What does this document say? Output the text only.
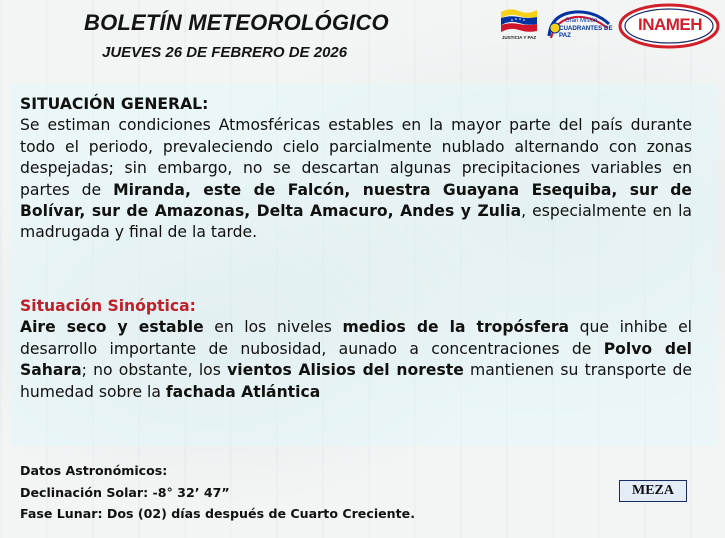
BOLETÍN METEOROLÓGICO
JUEVES 26 DE FEBRERO DE 2026
JUSTICIA Y PAZ
Gran Misión
CUADRANTES DE PAZ
INAMEH
SITUACIÓN GENERAL:
Se estiman condiciones Atmosféricas estables en la mayor parte del país durante todo el periodo, prevaleciendo cielo parcialmente nublado alternando con zonas despejadas; sin embargo, no se descartan algunas precipitaciones variables en partes de Miranda, este de Falcón, nuestra Guayana Esequiba, sur de Bolívar, sur de Amazonas, Delta Amacuro, Andes y Zulia, especialmente en la madrugada y final de la tarde.
Situación Sinóptica:
Aire seco y estable en los niveles medios de la tropósfera que inhibe el desarrollo importante de nubosidad, aunado a concentraciones de Polvo del Sahara; no obstante, los vientos Alisios del noreste mantienen su transporte de humedad sobre la fachada Atlántica
Datos Astronómicos:
Declinación Solar: -8° 32’ 47”
Fase Lunar: Dos (02) días después de Cuarto Creciente.
MEZA
